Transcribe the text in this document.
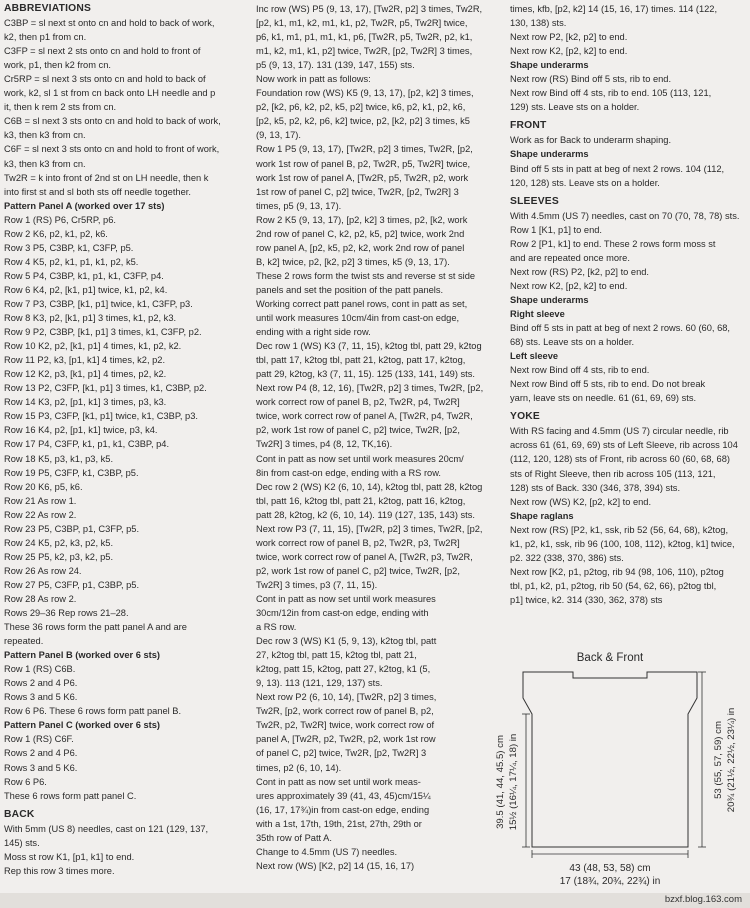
ABBREVIATIONS
C3BP = sl next st onto cn and hold to back of work,
k2, then p1 from cn.
C3FP = sl next 2 sts onto cn and hold to front of
work, p1, then k2 from cn.
Cr5RP = sl next 3 sts onto cn and hold to back of
work, k2, sl 1 st from cn back onto LH needle and p
it, then k rem 2 sts from cn.
C6B = sl next 3 sts onto cn and hold to back of work,
k3, then k3 from cn.
C6F = sl next 3 sts onto cn and hold to front of work,
k3, then k3 from cn.
Tw2R = k into front of 2nd st on LH needle, then k
into first st and sl both sts off needle together.
Pattern Panel A (worked over 17 sts)
Row 1 (RS) P6, Cr5RP, p6.
Row 2 K6, p2, k1, p2, k6.
Row 3 P5, C3BP, k1, C3FP, p5.
Row 4 K5, p2, k1, p1, k1, p2, k5.
Row 5 P4, C3BP, k1, p1, k1, C3FP, p4.
Row 6 K4, p2, [k1, p1] twice, k1, p2, k4.
Row 7 P3, C3BP, [k1, p1] twice, k1, C3FP, p3.
Row 8 K3, p2, [k1, p1] 3 times, k1, p2, k3.
Row 9 P2, C3BP, [k1, p1] 3 times, k1, C3FP, p2.
Row 10 K2, p2, [k1, p1] 4 times, k1, p2, k2.
Row 11 P2, k3, [p1, k1] 4 times, k2, p2.
Row 12 K2, p3, [k1, p1] 4 times, p2, k2.
Row 13 P2, C3FP, [k1, p1] 3 times, k1, C3BP, p2.
Row 14 K3, p2, [p1, k1] 3 times, p3, k3.
Row 15 P3, C3FP, [k1, p1] twice, k1, C3BP, p3.
Row 16 K4, p2, [p1, k1] twice, p3, k4.
Row 17 P4, C3FP, k1, p1, k1, C3BP, p4.
Row 18 K5, p3, k1, p3, k5.
Row 19 P5, C3FP, k1, C3BP, p5.
Row 20 K6, p5, k6.
Row 21 As row 1.
Row 22 As row 2.
Row 23 P5, C3BP, p1, C3FP, p5.
Row 24 K5, p2, k3, p2, k5.
Row 25 P5, k2, p3, k2, p5.
Row 26 As row 24.
Row 27 P5, C3FP, p1, C3BP, p5.
Row 28 As row 2.
Rows 29–36 Rep rows 21–28.
These 36 rows form the patt panel A and are
repeated.
Pattern Panel B (worked over 6 sts)
Row 1 (RS) C6B.
Rows 2 and 4 P6.
Rows 3 and 5 K6.
Row 6 P6. These 6 rows form patt panel B.
Pattern Panel C (worked over 6 sts)
Row 1 (RS) C6F.
Rows 2 and 4 P6.
Rows 3 and 5 K6.
Row 6 P6.
These 6 rows form patt panel C.
BACK
With 5mm (US 8) needles, cast on 121 (129, 137,
145) sts.
Moss st row K1, [p1, k1] to end.
Rep this row 3 times more.
Inc row (WS) P5 (9, 13, 17), [Tw2R, p2] 3 times, Tw2R,
[p2, k1, m1, k2, m1, k1, p2, Tw2R, p5, Tw2R] twice,
p6, k1, m1, p1, m1, k1, p6, [Tw2R, p5, Tw2R, p2, k1,
m1, k2, m1, k1, p2] twice, Tw2R, [p2, Tw2R] 3 times,
p5 (9, 13, 17). 131 (139, 147, 155) sts.
Now work in patt as follows:
Foundation row (WS) K5 (9, 13, 17), [p2, k2] 3 times,
p2, [k2, p6, k2, p2, k5, p2] twice, k6, p2, k1, p2, k6,
[p2, k5, p2, k2, p6, k2] twice, p2, [k2, p2] 3 times, k5
(9, 13, 17).
Row 1 P5 (9, 13, 17), [Tw2R, p2] 3 times, Tw2R, [p2,
work 1st row of panel B, p2, Tw2R, p5, Tw2R] twice,
work 1st row of panel A, [Tw2R, p5, Tw2R, p2, work
1st row of panel C, p2] twice, Tw2R, [p2, Tw2R] 3
times, p5 (9, 13, 17).
Row 2 K5 (9, 13, 17), [p2, k2] 3 times, p2, [k2, work
2nd row of panel C, k2, p2, k5, p2] twice, work 2nd
row panel A, [p2, k5, p2, k2, work 2nd row of panel
B, k2] twice, p2, [k2, p2] 3 times, k5 (9, 13, 17).
These 2 rows form the twist sts and reverse st st side
panels and set the position of the patt panels.
Working correct patt panel rows, cont in patt as set,
until work measures 10cm/4in from cast-on edge,
ending with a right side row.
Dec row 1 (WS) K3 (7, 11, 15), k2tog tbl, patt 29, k2tog
tbl, patt 17, k2tog tbl, patt 21, k2tog, patt 17, k2tog,
patt 29, k2tog, k3 (7, 11, 15). 125 (133, 141, 149) sts.
Next row P4 (8, 12, 16), [Tw2R, p2] 3 times, Tw2R, [p2,
work correct row of panel B, p2, Tw2R, p4, Tw2R]
twice, work correct row of panel A, [Tw2R, p4, Tw2R,
p2, work 1st row of panel C, p2] twice, Tw2R, [p2,
Tw2R] 3 times, p4 (8, 12, TK,16).
Cont in patt as now set until work measures 20cm/
8in from cast-on edge, ending with a RS row.
Dec row 2 (WS) K2 (6, 10, 14), k2tog tbl, patt 28, k2tog
tbl, patt 16, k2tog tbl, patt 21, k2tog, patt 16, k2tog,
patt 28, k2tog, k2 (6, 10, 14). 119 (127, 135, 143) sts.
Next row P3 (7, 11, 15), [Tw2R, p2] 3 times, Tw2R, [p2,
work correct row of panel B, p2, Tw2R, p3, Tw2R]
twice, work correct row of panel A, [Tw2R, p3, Tw2R,
p2, work 1st row of panel C, p2] twice, Tw2R, [p2,
Tw2R] 3 times, p3 (7, 11, 15).
Cont in patt as now set until work measures
30cm/12in from cast-on edge, ending with
a RS row.
Dec row 3 (WS) K1 (5, 9, 13), k2tog tbl, patt
27, k2tog tbl, patt 15, k2tog tbl, patt 21,
k2tog, patt 15, k2tog, patt 27, k2tog, k1 (5,
9, 13). 113 (121, 129, 137) sts.
Next row P2 (6, 10, 14), [Tw2R, p2] 3 times,
Tw2R, [p2, work correct row of panel B, p2,
Tw2R, p2, Tw2R] twice, work correct row of
panel A, [Tw2R, p2, Tw2R, p2, work 1st row
of panel C, p2] twice, Tw2R, [p2, Tw2R] 3
times, p2 (6, 10, 14).
Cont in patt as now set until work meas-
ures approximately 39 (41, 43, 45)cm/15¼
(16, 17, 17¾)in from cast-on edge, ending
with a 1st, 17th, 19th, 21st, 27th, 29th or
35th row of Patt A.
Change to 4.5mm (US 7) needles.
Next row (WS) [K2, p2] 14 (15, 16, 17)
times, kfb, [p2, k2] 14 (15, 16, 17) times. 114 (122,
130, 138) sts.
Next row P2, [k2, p2] to end.
Next row K2, [p2, k2] to end.
Shape underarms
Next row (RS) Bind off 5 sts, rib to end.
Next row Bind off 4 sts, rib to end. 105 (113, 121,
129) sts. Leave sts on a holder.
FRONT
Work as for Back to underarm shaping.
Shape underarms
Bind off 5 sts in patt at beg of next 2 rows. 104 (112,
120, 128) sts. Leave sts on a holder.
SLEEVES
With 4.5mm (US 7) needles, cast on 70 (70, 78, 78) sts.
Row 1 [K1, p1] to end.
Row 2 [P1, k1] to end. These 2 rows form moss st
and are repeated once more.
Next row (RS) P2, [k2, p2] to end.
Next row K2, [p2, k2] to end.
Shape underarms
Right sleeve
Bind off 5 sts in patt at beg of next 2 rows. 60 (60, 68,
68) sts. Leave sts on a holder.
Left sleeve
Next row Bind off 4 sts, rib to end.
Next row Bind off 5 sts, rib to end. Do not break
yarn, leave sts on needle. 61 (61, 69, 69) sts.
YOKE
With RS facing and 4.5mm (US 7) circular needle, rib
across 61 (61, 69, 69) sts of Left Sleeve, rib across 104
(112, 120, 128) sts of Front, rib across 60 (60, 68, 68)
sts of Right Sleeve, then rib across 105 (113, 121,
128) sts of Back. 330 (346, 378, 394) sts.
Next row (WS) K2, [p2, k2] to end.
Shape raglans
Next row (RS) [P2, k1, ssk, rib 52 (56, 64, 68), k2tog,
k1, p2, k1, ssk, rib 96 (100, 108, 112), k2tog, k1] twice,
p2. 322 (338, 370, 386) sts.
Next row [K2, p1, p2tog, rib 94 (98, 106, 110), p2tog
tbl, p1, k2, p1, p2tog, rib 50 (54, 62, 66), p2tog tbl,
p1] twice, k2. 314 (330, 362, 378) sts
Back & Front
43 (48, 53, 58) cm
17 (18¾, 20¾, 22¾) in
39.5 (41, 44, 45.5) cm 15½ (16¼, 17¼, 18) in	53 (55, 57, 59) cm 20¾ (21½, 22½, 23¼) in
bzxf.blog.163.com
